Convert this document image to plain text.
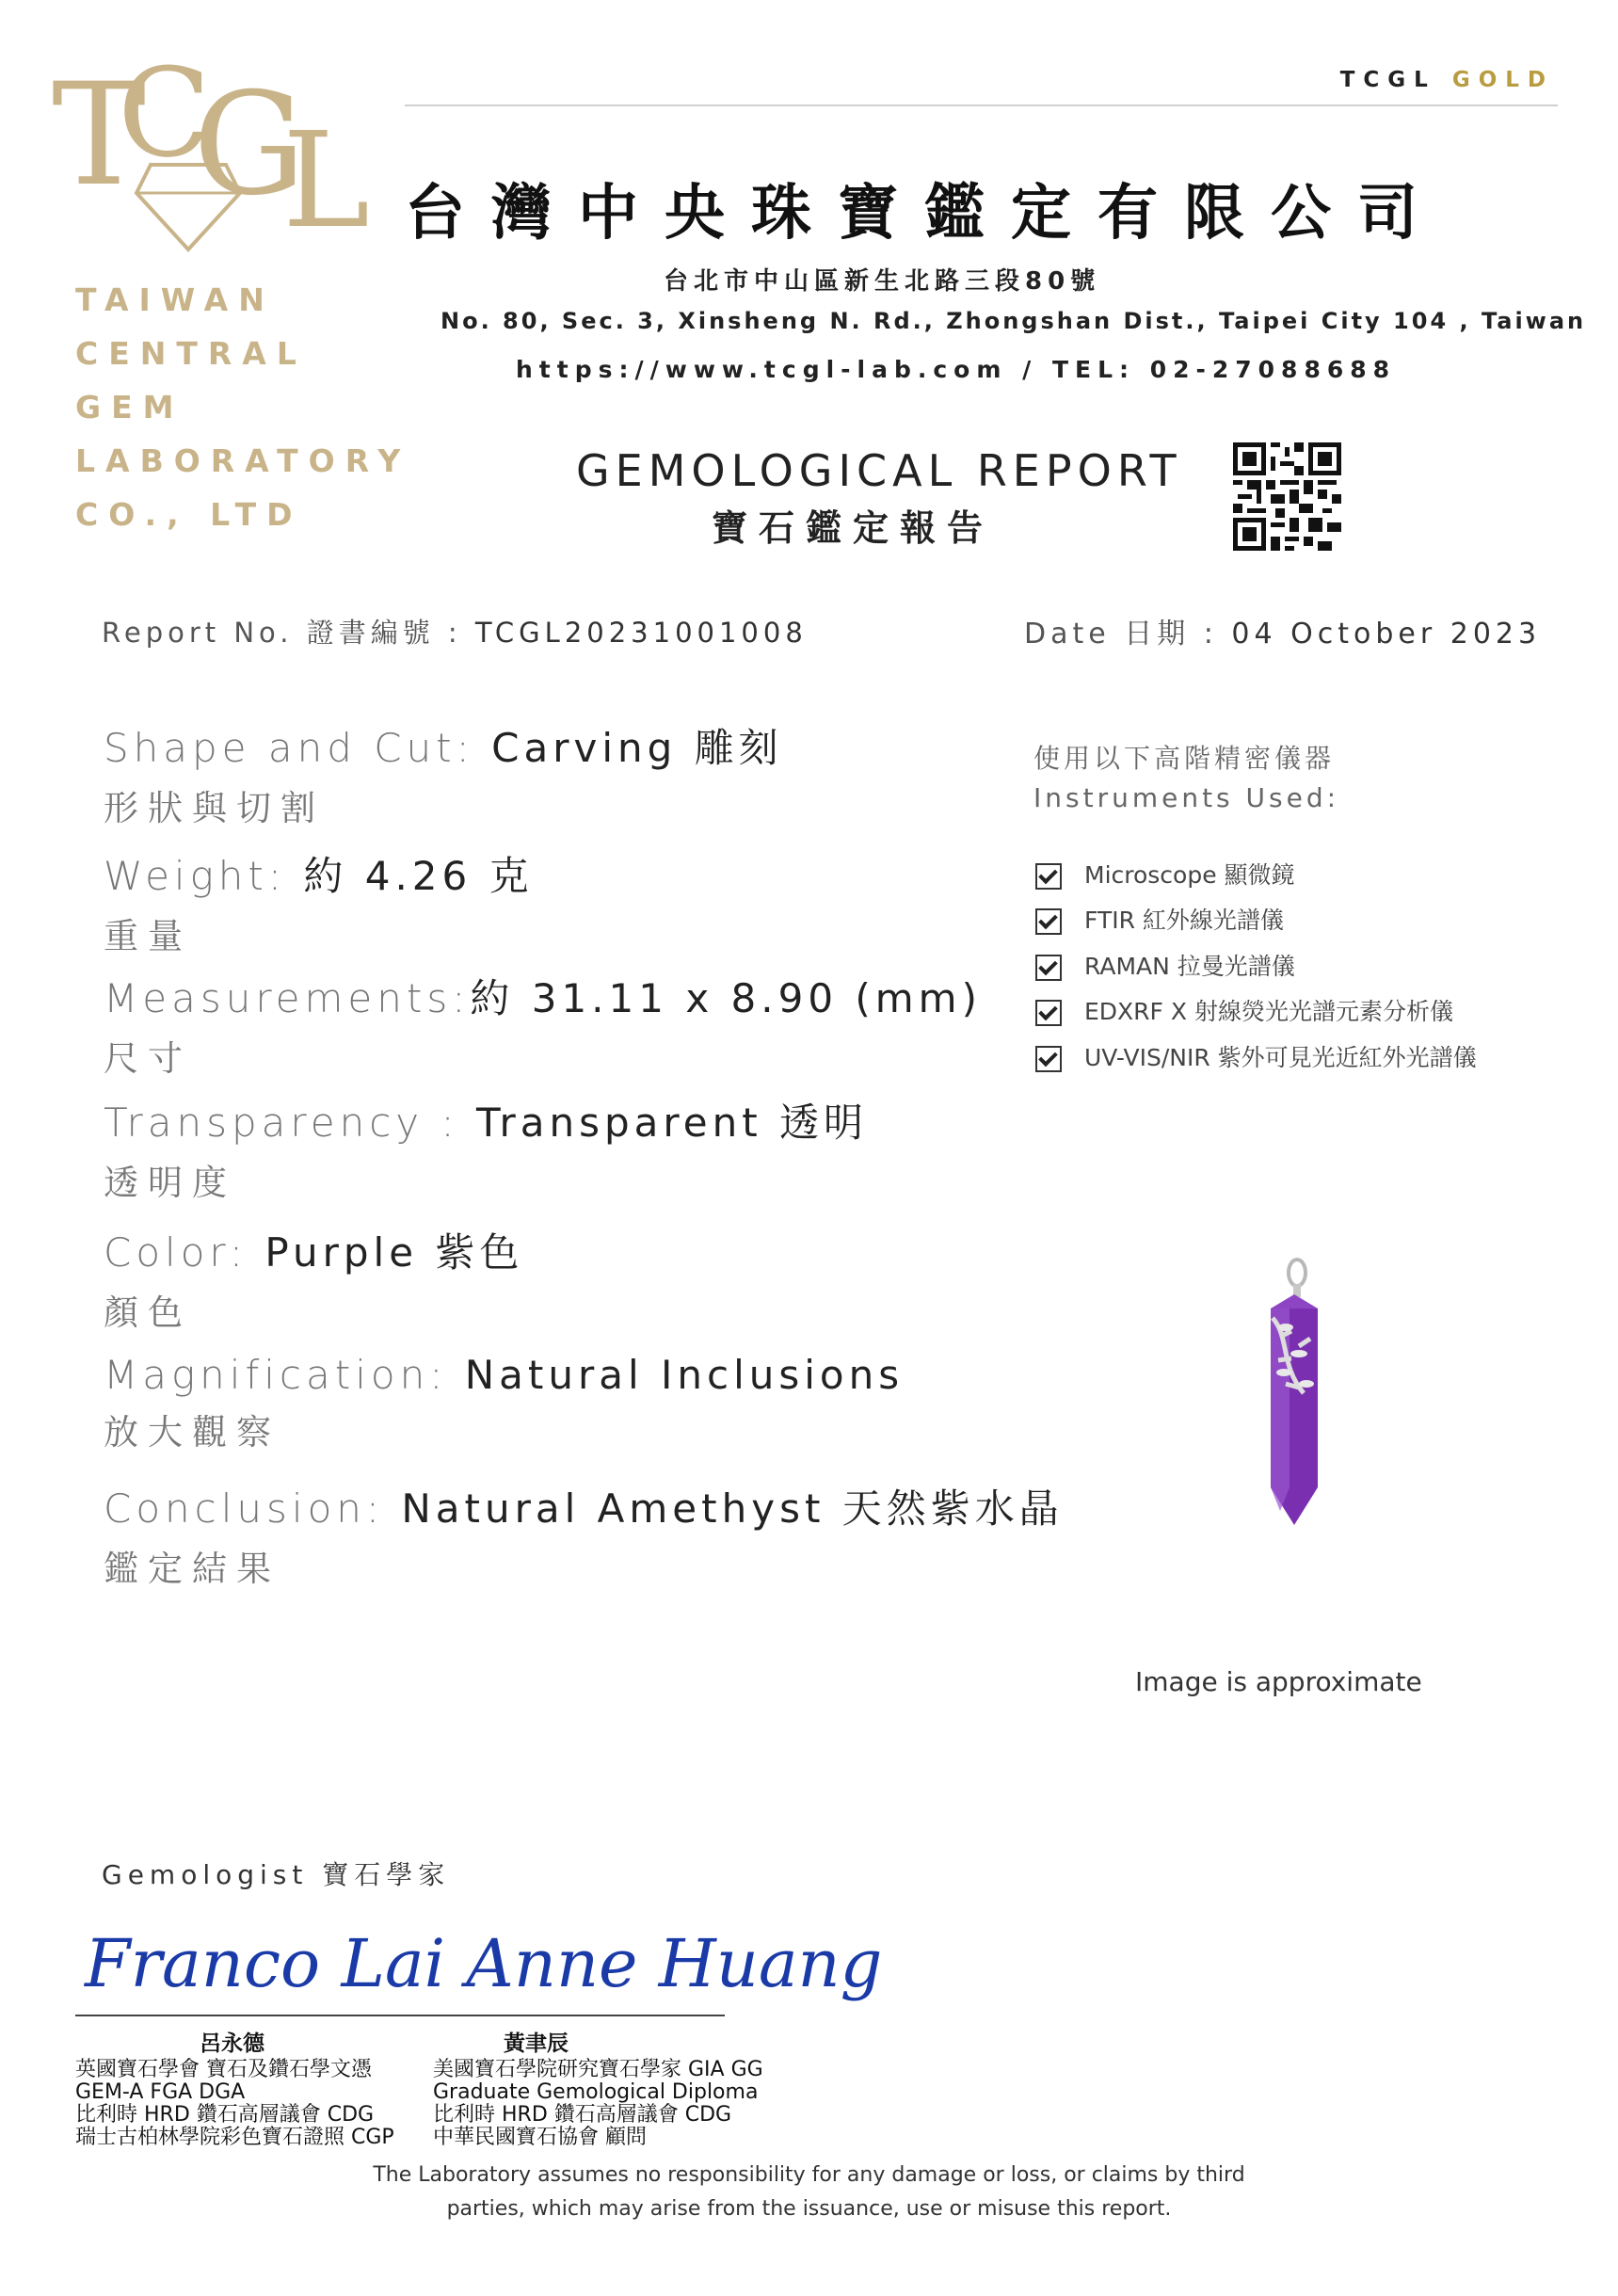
T
C
G
L
TAIWAN
CENTRAL
GEM
LABORATORY
CO., LTD
TCGL GOLD
台灣中央珠寶鑑定有限公司
台北市中山區新生北路三段80號
No. 80, Sec. 3, Xinsheng N. Rd., Zhongshan Dist., Taipei City 104 , Taiwan
https://www.tcgl-lab.com / TEL: 02-27088688
GEMOLOGICAL REPORT
寶石鑑定報告
Report No. 證書編號 : TCGL20231001008	Date 日期 : 04 October 2023
Shape and Cut: Carving 雕刻
形狀與切割
Weight: 約 4.26 克
重量
Measurements:約 31.11 x 8.90 (mm)
尺寸
Transparency : Transparent 透明
透明度
Color: Purple 紫色
顏色
Magnification: Natural Inclusions
放大觀察
Conclusion: Natural Amethyst 天然紫水晶
鑑定結果
使用以下高階精密儀器
Instruments Used:
Microscope 顯微鏡
FTIR 紅外線光譜儀
RAMAN 拉曼光譜儀
EDXRF X 射線熒光光譜元素分析儀
UV-VIS/NIR 紫外可見光近紅外光譜儀
Image is approximate
Gemologist 寶石學家
Franco Lai Anne Huang
呂永德	黃聿辰
英國寶石學會 寶石及鑽石學文憑
GEM-A FGA DGA
比利時 HRD 鑽石高層議會 CDG
瑞士古柏林學院彩色寶石證照 CGP
美國寶石學院研究寶石學家 GIA GG
Graduate Gemological Diploma
比利時 HRD 鑽石高層議會 CDG
中華民國寶石協會 顧問
The Laboratory assumes no responsibility for any damage or loss, or claims by third
parties, which may arise from the issuance, use or misuse this report.
